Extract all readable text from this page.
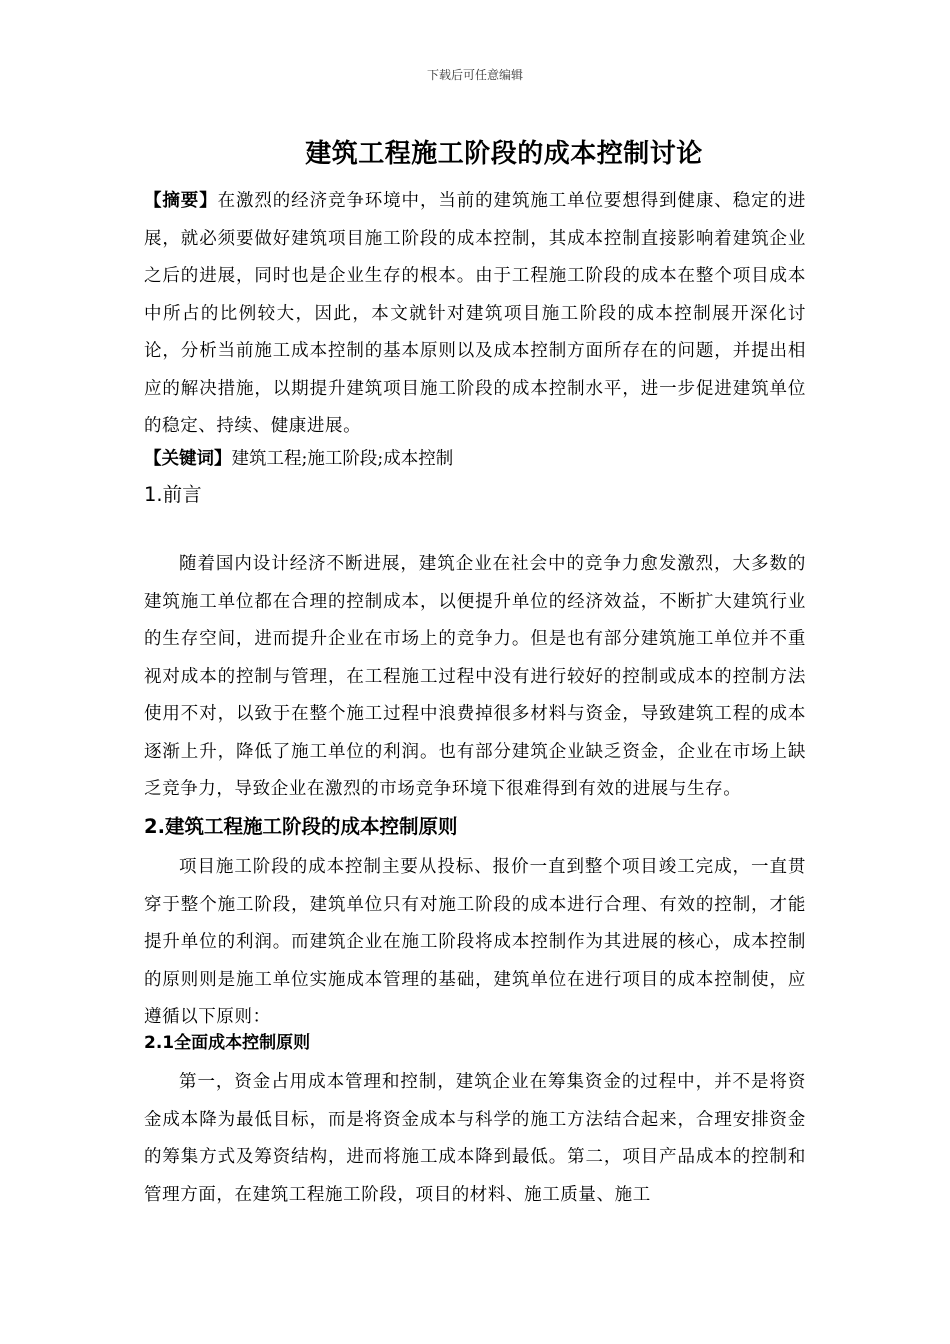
下载后可任意编辑
建筑工程施工阶段的成本控制讨论
【摘要】在激烈的经济竞争环境中，当前的建筑施工单位要想得到健康、稳定的进展，就必须要做好建筑项目施工阶段的成本控制，其成本控制直接影响着建筑企业之后的进展，同时也是企业生存的根本。由于工程施工阶段的成本在整个项目成本中所占的比例较大，因此，本文就针对建筑项目施工阶段的成本控制展开深化讨论，分析当前施工成本控制的基本原则以及成本控制方面所存在的问题，并提出相应的解决措施，以期提升建筑项目施工阶段的成本控制水平，进一步促进建筑单位的稳定、持续、健康进展。
【关键词】建筑工程;施工阶段;成本控制
1.前言
随着国内设计经济不断进展，建筑企业在社会中的竞争力愈发激烈，大多数的建筑施工单位都在合理的控制成本，以便提升单位的经济效益，不断扩大建筑行业的生存空间，进而提升企业在市场上的竞争力。但是也有部分建筑施工单位并不重视对成本的控制与管理，在工程施工过程中没有进行较好的控制或成本的控制方法使用不对，以致于在整个施工过程中浪费掉很多材料与资金，导致建筑工程的成本逐渐上升，降低了施工单位的利润。也有部分建筑企业缺乏资金，企业在市场上缺乏竞争力，导致企业在激烈的市场竞争环境下很难得到有效的进展与生存。
2.建筑工程施工阶段的成本控制原则
项目施工阶段的成本控制主要从投标、报价一直到整个项目竣工完成，一直贯穿于整个施工阶段，建筑单位只有对施工阶段的成本进行合理、有效的控制，才能提升单位的利润。而建筑企业在施工阶段将成本控制作为其进展的核心，成本控制的原则则是施工单位实施成本管理的基础，建筑单位在进行项目的成本控制使，应遵循以下原则：
2.1全面成本控制原则
第一，资金占用成本管理和控制，建筑企业在筹集资金的过程中，并不是将资金成本降为最低目标，而是将资金成本与科学的施工方法结合起来，合理安排资金的筹集方式及筹资结构，进而将施工成本降到最低。第二，项目产品成本的控制和管理方面，在建筑工程施工阶段，项目的材料、施工质量、施工
